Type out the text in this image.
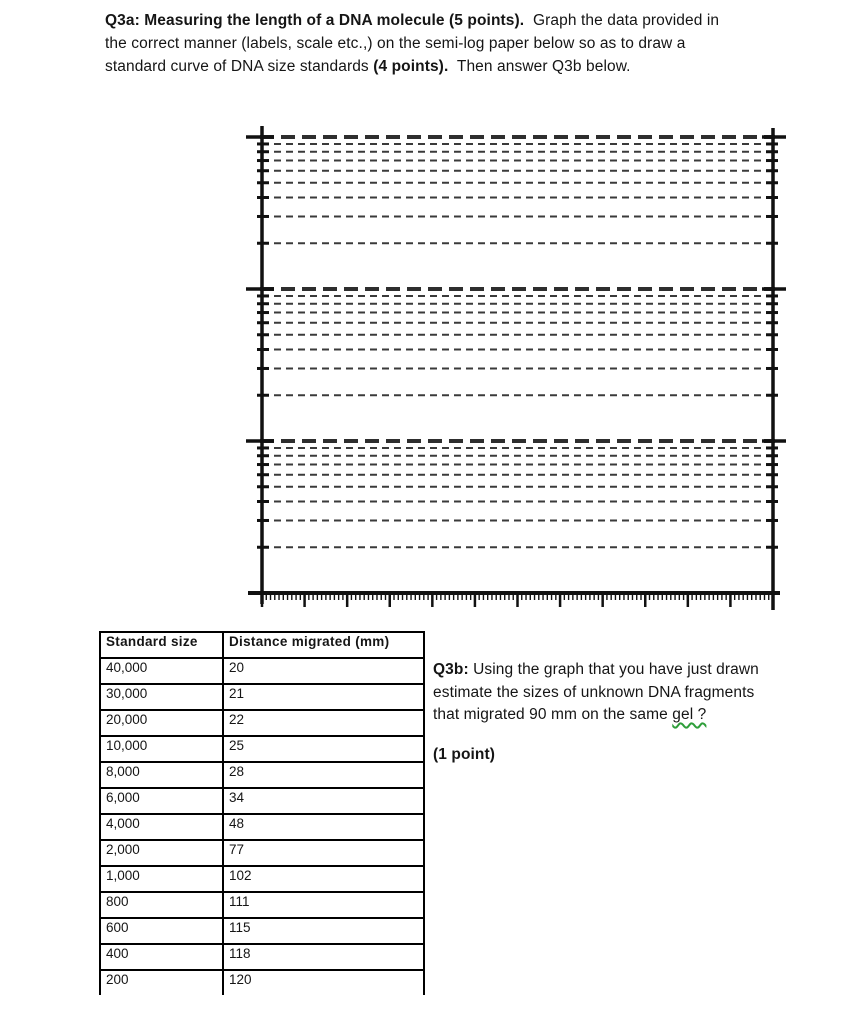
Q3a: Measuring the length of a DNA molecule (5 points).  Graph the data provided in
the correct manner (labels, scale etc.,) on the semi-log paper below so as to draw a
standard curve of DNA size standards (4 points).  Then answer Q3b below.
Standard size	Distance migrated (mm)
40,000	20
30,000	21
20,000	22
10,000	25
8,000	28
6,000	34
4,000	48
2,000	77
1,000	102
800	111
600	115
400	118
200	120
Q3b: Using the graph that you have just drawn
estimate the sizes of unknown DNA fragments
that migrated 90 mm on the same gel ?
(1 point)
